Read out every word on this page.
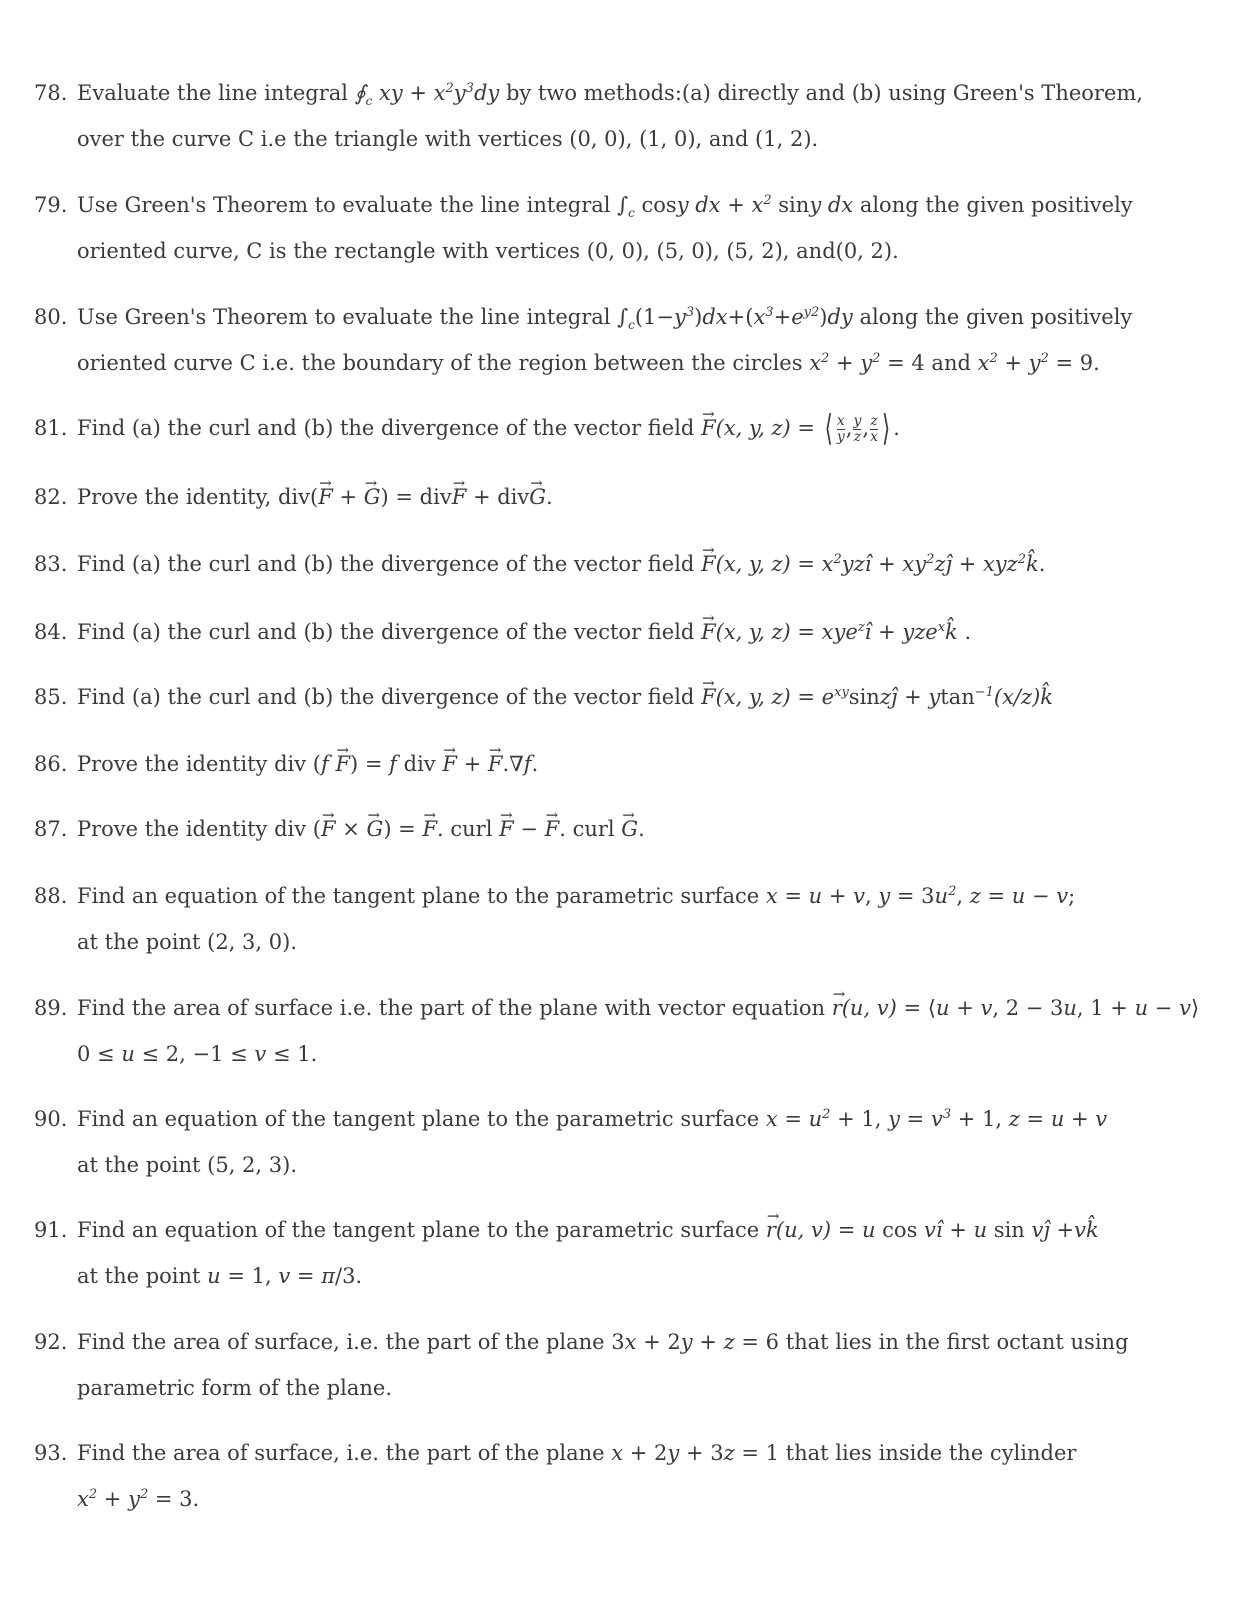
78. Evaluate the line integral $∮_c$ xy + $x^2y^3dy$ by two methods:(a) directly and (b) using Green's Theorem,
over the curve C i.e the triangle with vertices (0, 0), (1, 0), and (1, 2).
79. Use Green's Theorem to evaluate the line integral $\int_c$ cosy dx + $x^2$ siny dx along the given positively
oriented curve, C is the rectangle with vertices (0, 0), (5, 0), (5, 2), and(0, 2).
80. Use Green's Theorem to evaluate the line integral $\int_c(1-y^3)dx+(x^3+e^{y2})dy$ along the given positively
oriented curve C i.e. the boundary of the region between the circles $x^2 + y^2 = 4$ and $x^2 + y^2 = 9$.
81. Find (a) the curl and (b) the divergence of the vector field → F(x, y, z) = ⟨ $\frac{x}{y}$ , $\frac{y}{z}$ , $\frac{z}{x}$ ⟩ .
82. Prove the identity, div(→ F + → G) = div→ F + div→ G.
83. Find (a) the curl and (b) the divergence of the vector field → F(x, y, $z) = x^2yzî$ + $xy^2zĵ$ + xyz$^2$k̂.
84. Find (a) the curl and (b) the divergence of the vector field → F(x, y, z) = xye$^z$î + yze$^x$k̂ .
85. Find (a) the curl and (b) the divergence of the vector field → F(x, y, $z) = e^{xy}\sin zĵ$ + ytan$^{-1}$(x/z)k̂
86. Prove the identity div (f → F) = f div → F + → F.∇f.
87. Prove the identity div (→ F × → G) = → F. curl → F − → F. curl → G.
88. Find an equation of the tangent plane to the parametric surface x = u + v, $y = 3u^2$, z = u − v;
at the point (2, 3, 0).
89. Find the area of surface i.e. the part of the plane with vector equation → r(u, v) = ⟨u + v, 2 − 3u, 1 + u − v⟩
0 ≤ u ≤ 2, −1 ≤ v ≤ 1.
90. Find an equation of the tangent plane to the parametric surface $x = u^2 + 1$, $y = v^3 + 1$, z = u + v
at the point (5, 2, 3).
91. Find an equation of the tangent plane to the parametric surface → r(u, v) = u cos vî + u sin vĵ +vk̂
at the point u = 1, v = π/3.
92. Find the area of surface, i.e. the part of the plane 3x + 2y + z = 6 that lies in the first octant using
parametric form of the plane.
93. Find the area of surface, i.e. the part of the plane x + 2y + 3z = 1 that lies inside the cylinder
$x^2 + y^2 = 3$.
